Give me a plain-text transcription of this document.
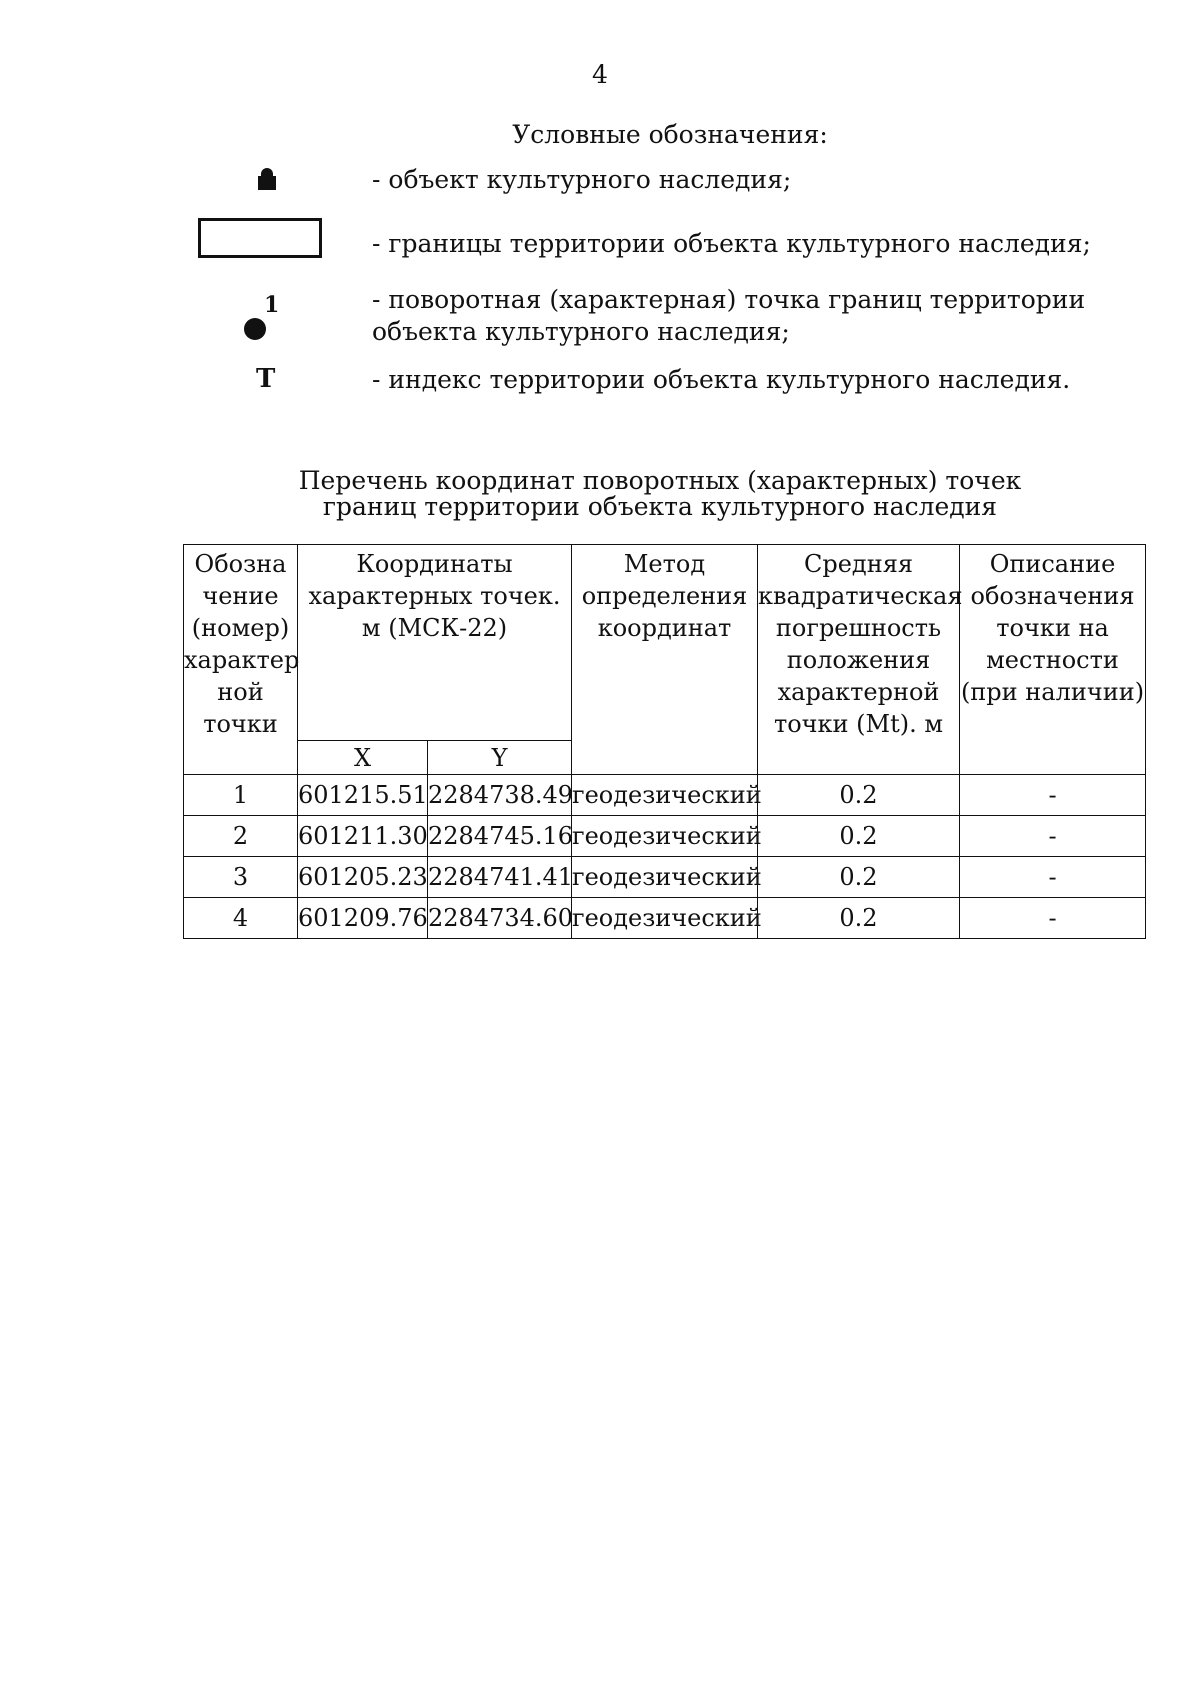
4
Условные обозначения:
- объект культурного наследия;
- границы территории объекта культурного наследия;
1	- поворотная (характерная) точка границ территории объекта культурного наследия;
Т	- индекс территории объекта культурного наследия.
Перечень координат поворотных (характерных) точек
границ территории объекта культурного наследия
Обозна чение (номер) характер ной точки	Координаты характерных точек. м (МСК-22)		Метод определения координат	Средняя квадратическая погрешность положения характерной точки (Mt). м	Описание обозначения точки на местности (при наличии)
	X	Y			
1	601215.51	2284738.49	геодезический	0.2	-
2	601211.30	2284745.16	геодезический	0.2	-
3	601205.23	2284741.41	геодезический	0.2	-
4	601209.76	2284734.60	геодезический	0.2	-
